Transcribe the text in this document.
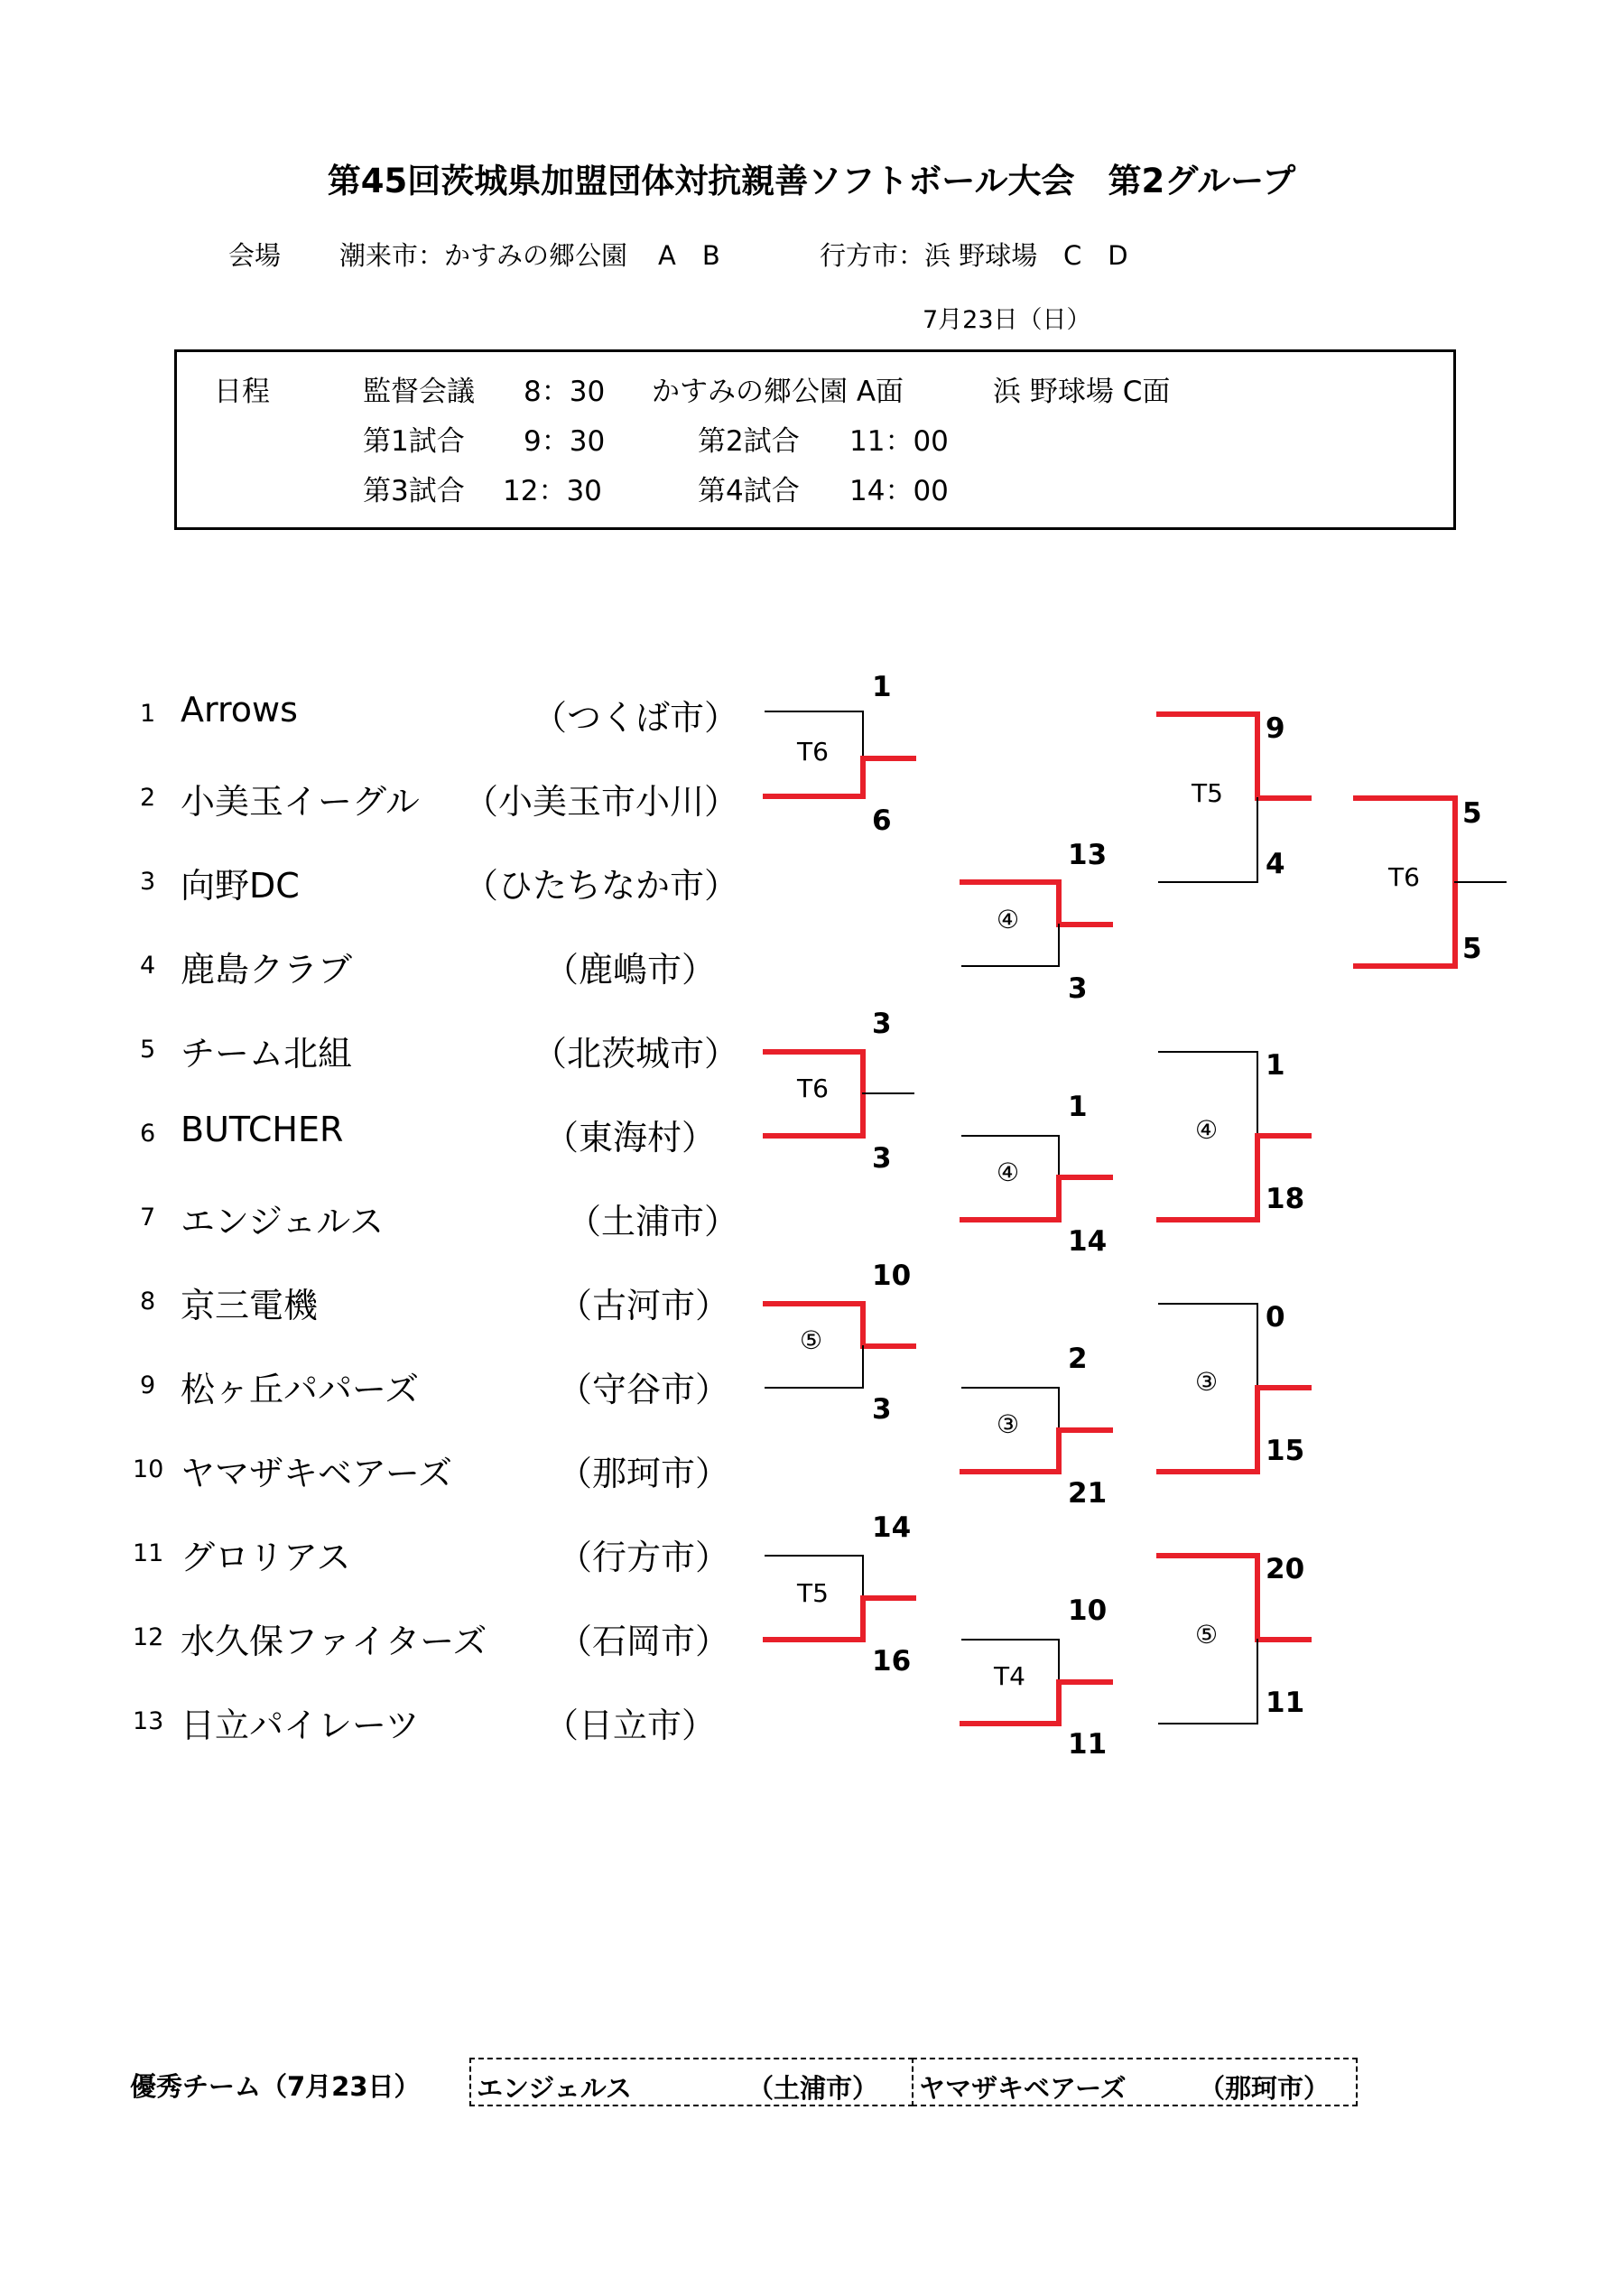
第45回茨城県加盟団体対抗親善ソフトボール大会　第2グループ
会場 潮来市：かすみの郷公園 A　B	行方市：浜 野球場 C　D
7月23日（日）
日程	監督会議 8：30 かすみの郷公園 A面	浜 野球場 C面
第1試合 9：30	第2試合 11：00
第3試合 12：30	第4試合 14：00
1 Arrows	（つくば市）
2 小美玉イーグル （小美玉市小川）
3 向野DC	（ひたちなか市）
4 鹿島クラブ	（鹿嶋市）
5 チーム北組	（北茨城市）
6 BUTCHER	（東海村）
7 エンジェルス	（土浦市）
8 京三電機	（古河市）
9 松ヶ丘パパーズ	（守谷市）
10 ヤマザキベアーズ	（那珂市）
11 グロリアス	（行方市）
12 水久保ファイターズ （石岡市）
13 日立パイレーツ	（日立市）
T6
1
6
T6
3
3
⑤
10
3
T5
14
16
④
13
3
④
1
14
③
2
21
T4
10
11
T5
9
4
④
1
18
③
0
15
⑤
20
11
T6
5
5
優秀チーム（7月23日） エンジェルス	（土浦市） ヤマザキベアーズ	（那珂市）
